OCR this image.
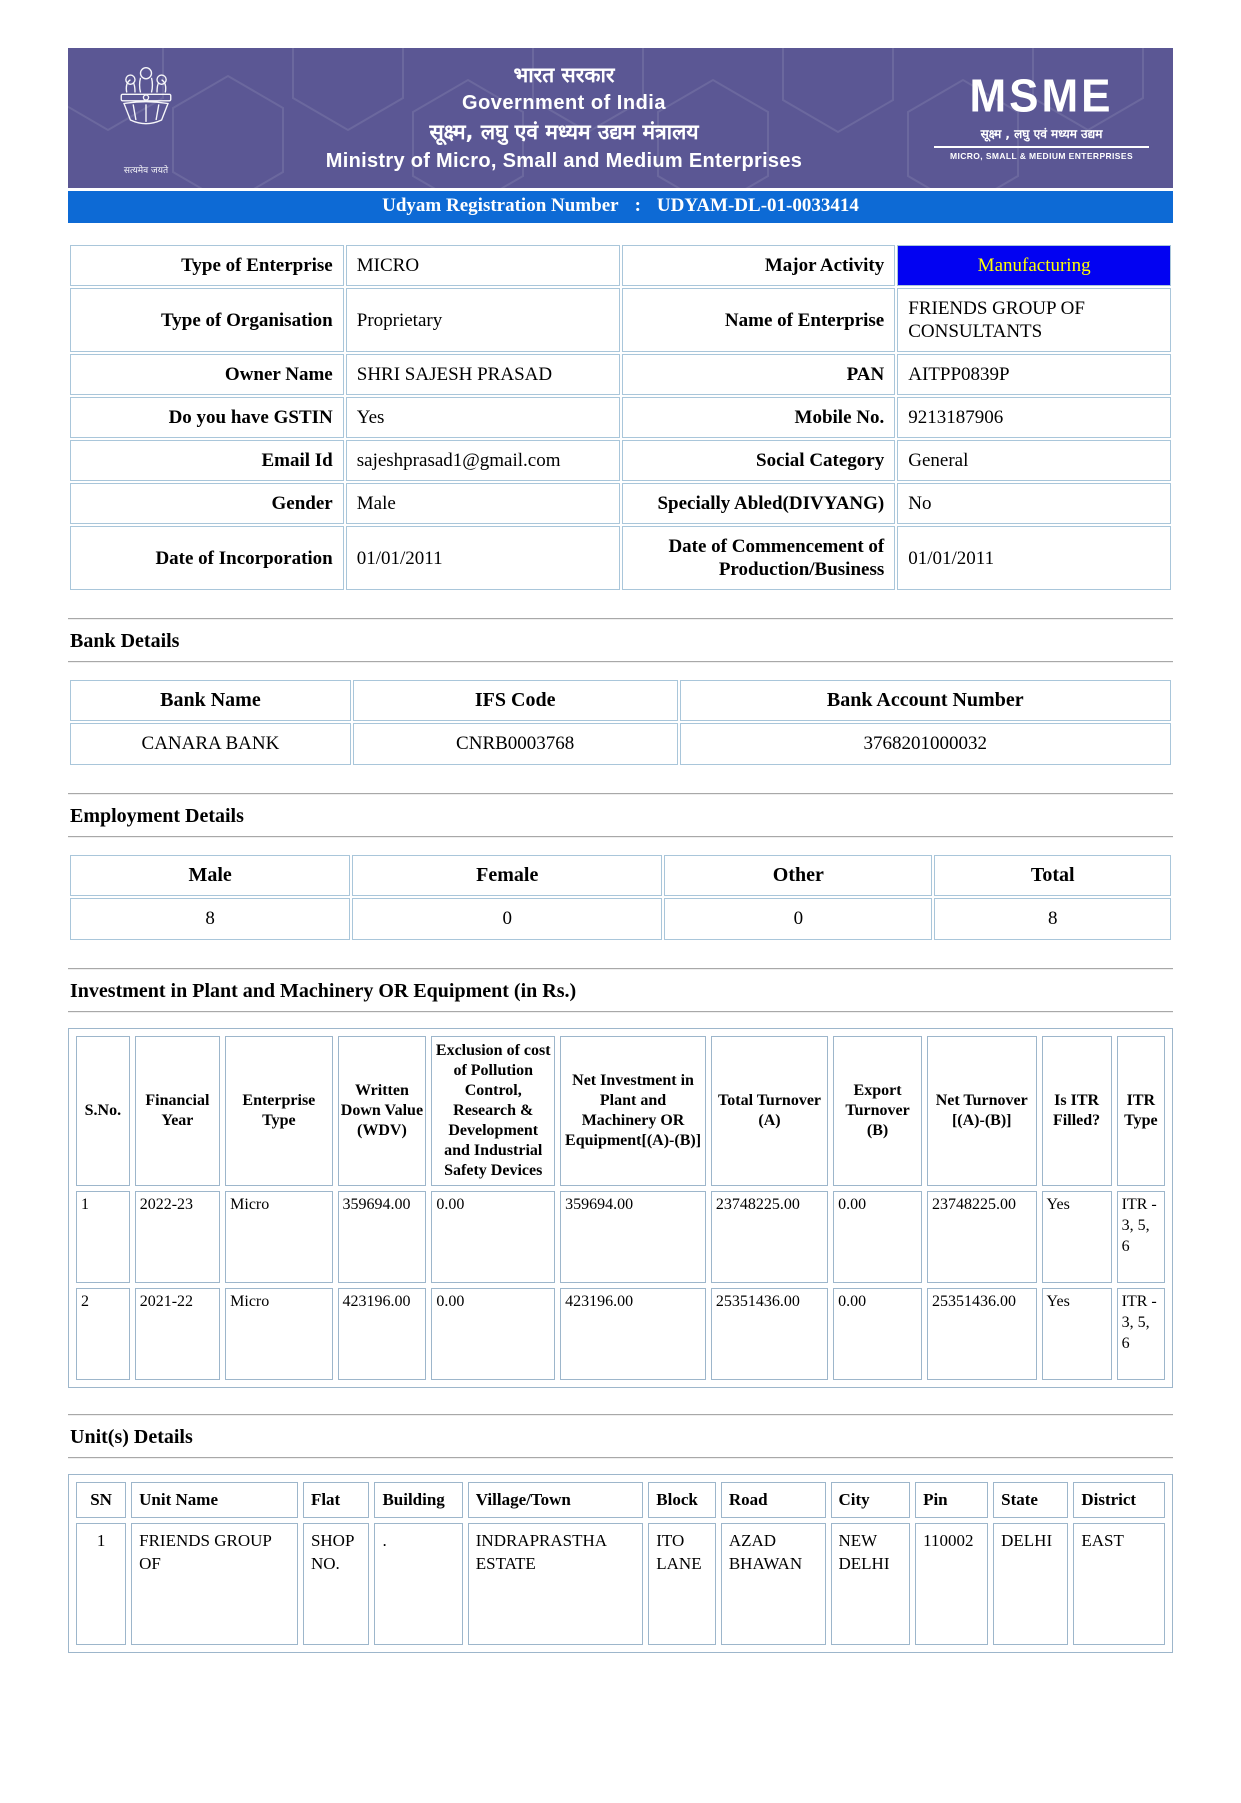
सत्यमेव जयते
भारत सरकार
Government of India
सूक्ष्म, लघु एवं मध्यम उद्यम मंत्रालय
Ministry of Micro, Small and Medium Enterprises
MSME
सूक्ष्म , लघु एवं मध्यम उद्यम
MICRO, SMALL & MEDIUM ENTERPRISES
Udyam Registration Number : UDYAM-DL-01-0033414
Type of Enterprise	MICRO	Major Activity	Manufacturing
Type of Organisation	Proprietary	Name of Enterprise	FRIENDS GROUP OF CONSULTANTS
Owner Name	SHRI SAJESH PRASAD	PAN	AITPP0839P
Do you have GSTIN	Yes	Mobile No.	9213187906
Email Id	sajeshprasad1@gmail.com	Social Category	General
Gender	Male	Specially Abled(DIVYANG)	No
Date of Incorporation	01/01/2011	Date of Commencement of Production/Business	01/01/2011
Bank Details
Bank Name	IFS Code	Bank Account Number
CANARA BANK	CNRB0003768	3768201000032
Employment Details
Male	Female	Other	Total
8	0	0	8
Investment in Plant and Machinery OR Equipment (in Rs.)
S.No.	Financial Year	Enterprise Type	Written Down Value (WDV)	Exclusion of cost of Pollution Control, Research & Development and Industrial Safety Devices	Net Investment in Plant and Machinery OR Equipment[(A)-(B)]	Total Turnover (A)	Export Turnover (B)	Net Turnover [(A)-(B)]	Is ITR Filled?	ITR Type
1	2022-23	Micro	359694.00	0.00	359694.00	23748225.00	0.00	23748225.00	Yes	ITR - 3, 5, 6
2	2021-22	Micro	423196.00	0.00	423196.00	25351436.00	0.00	25351436.00	Yes	ITR - 3, 5, 6
Unit(s) Details
SN	Unit Name	Flat	Building	Village/Town	Block	Road	City	Pin	State	District
1	FRIENDS GROUP OF	SHOP NO.	.	INDRAPRASTHA ESTATE	ITO LANE	AZAD BHAWAN	NEW DELHI	110002	DELHI	EAST
